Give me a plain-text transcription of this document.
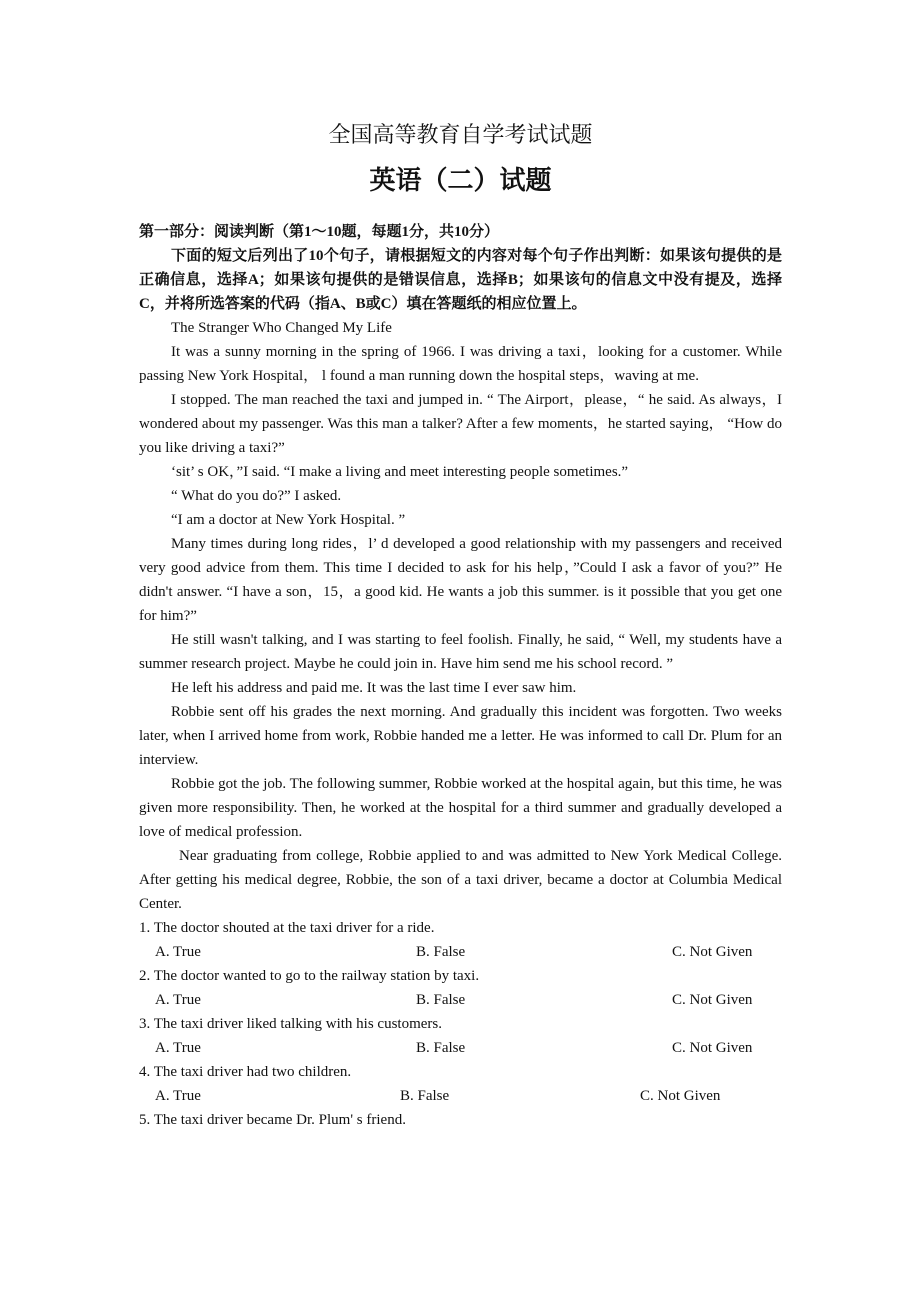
全国高等教育自学考试试题
英语（二）试题

第一部分：阅读判断（第1～10题，每题1分，共10分）

下面的短文后列出了10个句子，请根据短文的内容对每个句子作出判断：如果该句提供的是正确信息，选择A；如果该句提供的是错误信息，选择B；如果该句的信息文中没有提及，选择C，并将所选答案的代码（指A、B或C）填在答题纸的相应位置上。

The Stranger Who Changed My Life

It was a sunny morning in the spring of 1966. I was driving a taxi，looking for a customer. While passing New York Hospital， l found a man running down the hospital steps，waving at me.

I stopped. The man reached the taxi and jumped in. “ The Airport，please，“ he said. As always，I wondered about my passenger. Was this man a talker? After a few moments，he started saying， “How do you like driving a taxi?”

‘sit’ s OK，”I said. “I make a living and meet interesting people sometimes.”

“ What do you do?” I asked.

“I am a doctor at New York Hospital. ”

Many times during long rides，l’ d developed a good relationship with my passengers and received very good advice from them. This time I decided to ask for his help，”Could I ask a favor of you?” He didn't answer. “I have a son，15，a good kid. He wants a job this summer. is it possible that you get one for him?”

He still wasn't talking, and I was starting to feel foolish. Finally, he said, “ Well, my students have a summer research project. Maybe he could join in. Have him send me his school record. ”

He left his address and paid me. It was the last time I ever saw him.

Robbie sent off his grades the next morning. And gradually this incident was forgotten. Two weeks later, when I arrived home from work, Robbie handed me a letter. He was informed to call Dr. Plum for an interview.

Robbie got the job. The following summer, Robbie worked at the hospital again, but this time, he was given more responsibility. Then, he worked at the hospital for a third summer and gradually developed a love of medical profession.

Near graduating from college, Robbie applied to and was admitted to New York Medical College. After getting his medical degree, Robbie, the son of a taxi driver, became a doctor at Columbia Medical Center.

1. The doctor shouted at the taxi driver for a ride.

A. True	B. False	C. Not Given

2. The doctor wanted to go to the railway station by taxi.

A. True	B. False	C. Not Given

3. The taxi driver liked talking with his customers.

A. True	B. False	C. Not Given

4. The taxi driver had two children.

A. True	B. False	C. Not Given

5. The taxi driver became Dr. Plum' s friend.
